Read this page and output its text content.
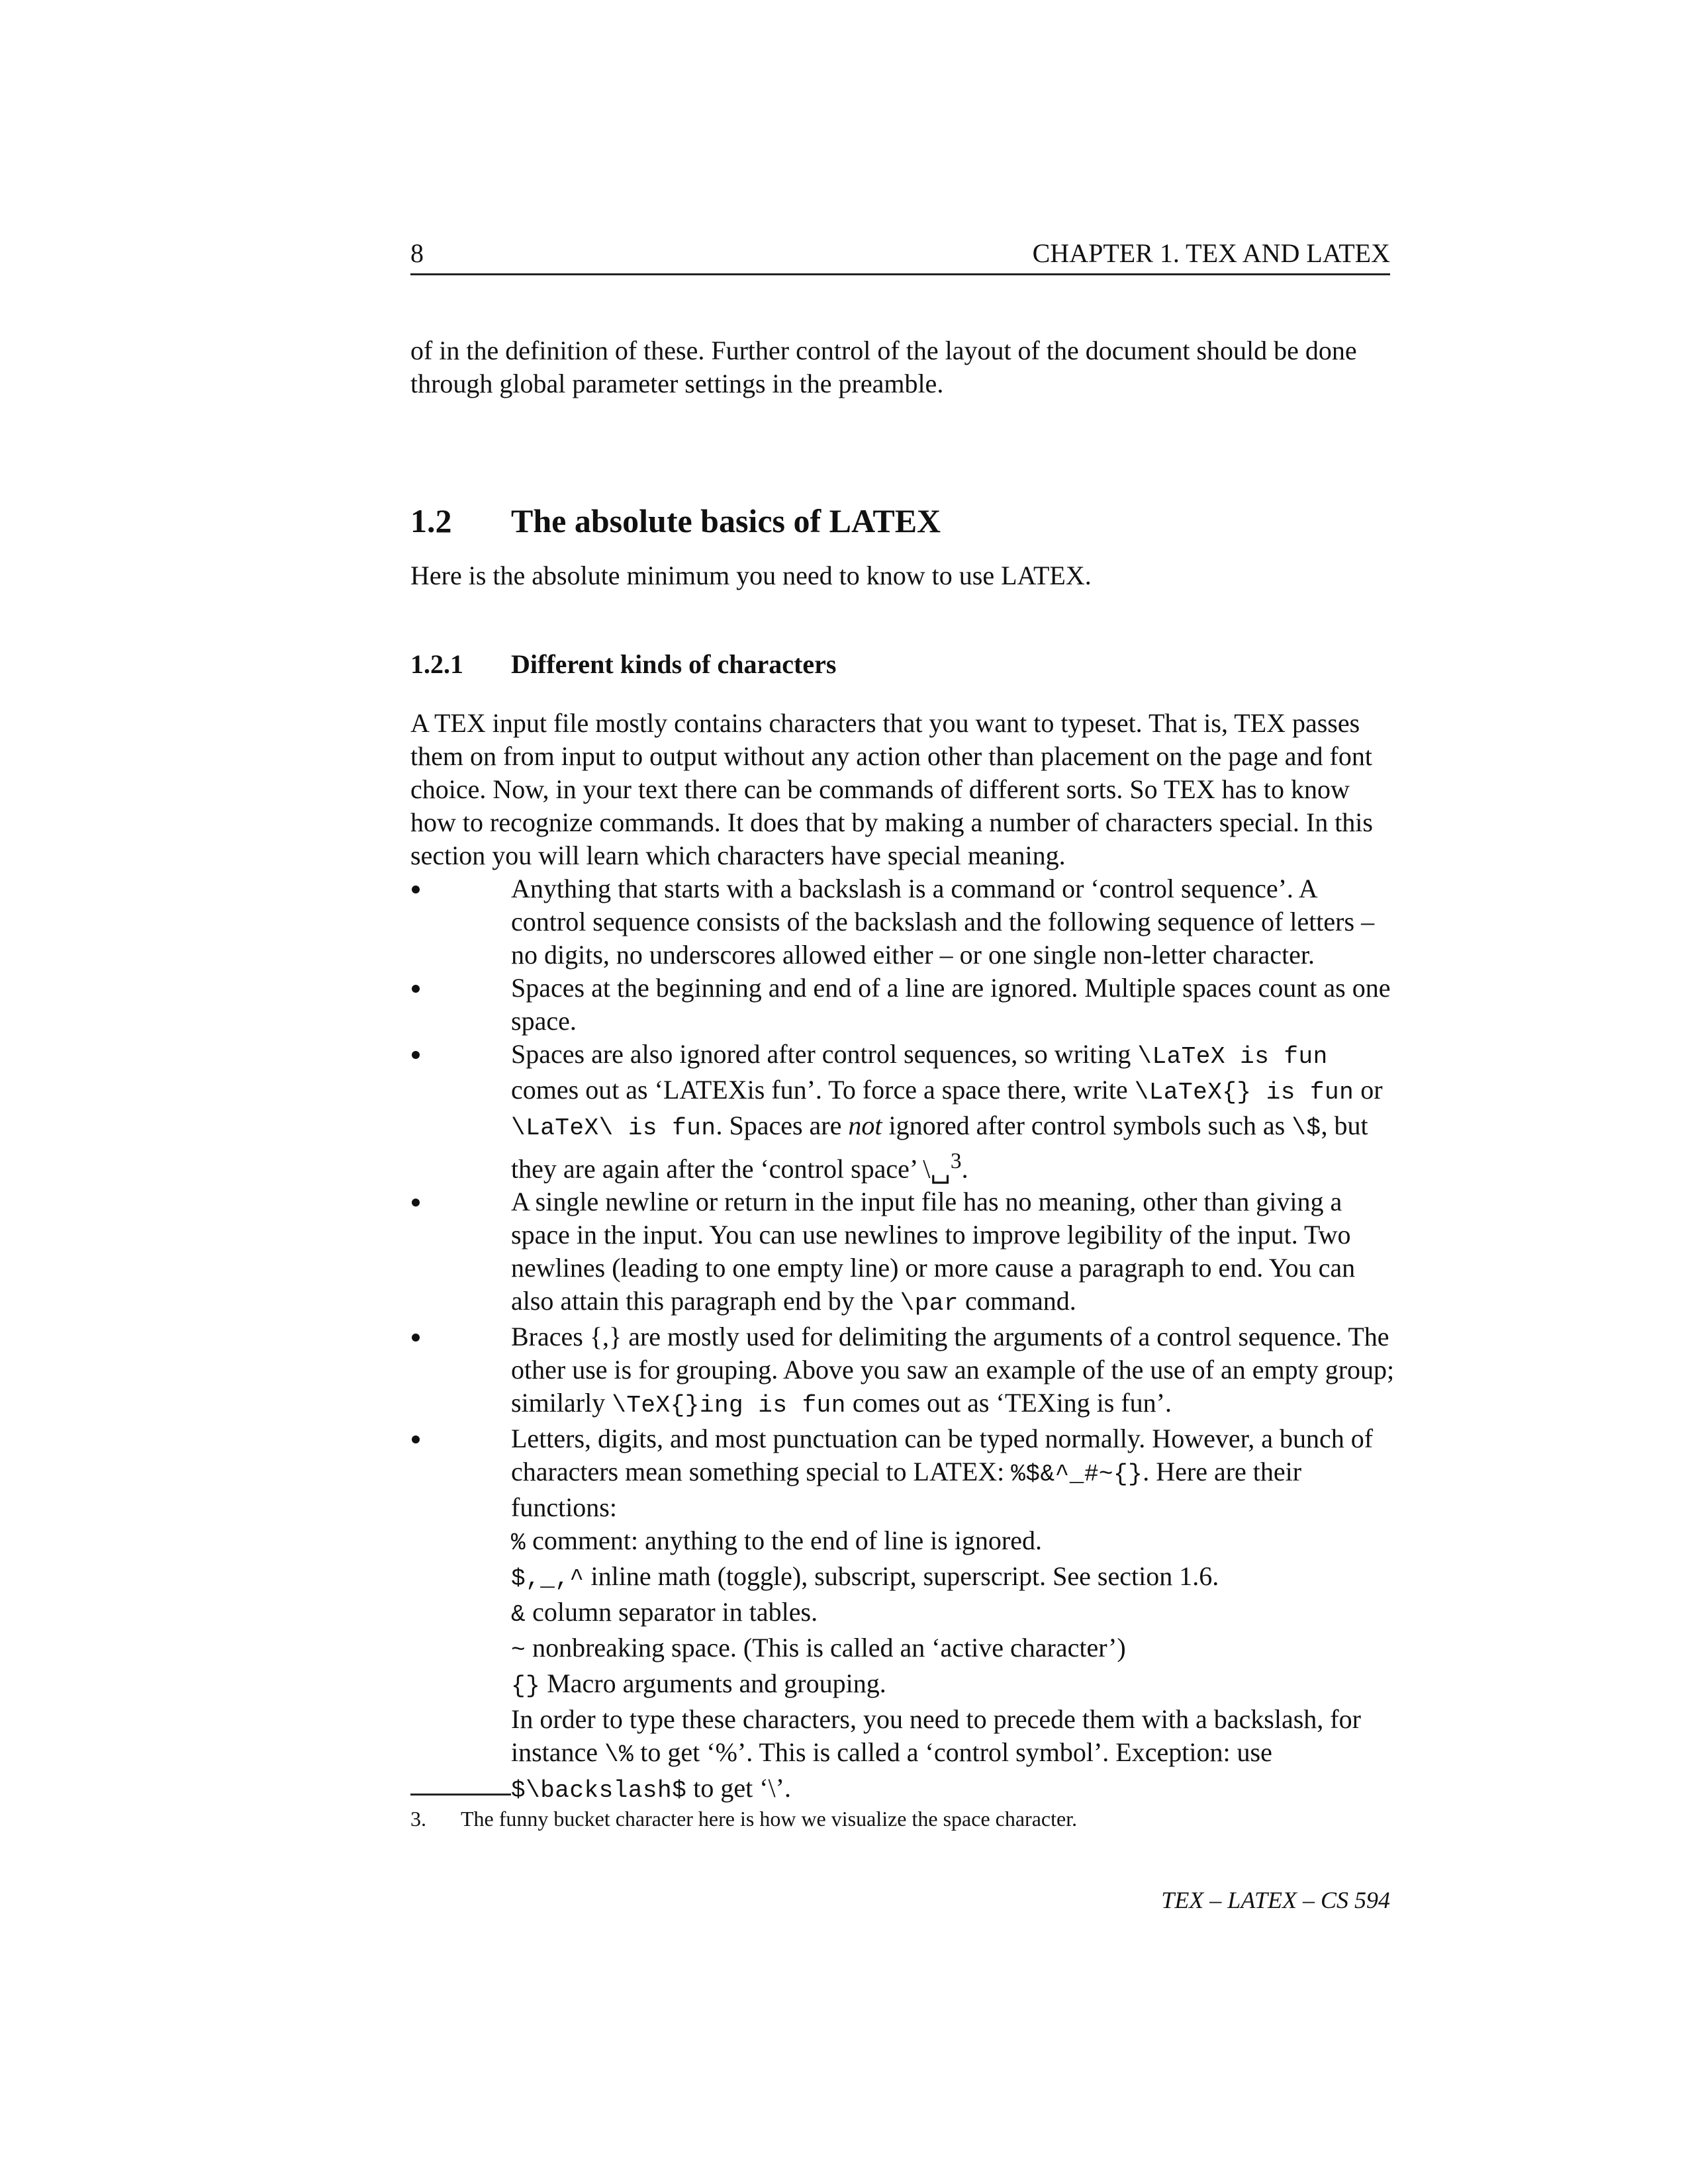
8	CHAPTER 1. TEX AND LATEX

of in the definition of these. Further control of the layout of the document should be done through global parameter settings in the preamble.

1.2 The absolute basics of LATEX

Here is the absolute minimum you need to know to use LATEX.

1.2.1 Different kinds of characters

A TEX input file mostly contains characters that you want to typeset. That is, TEX passes them on from input to output without any action other than placement on the page and font choice. Now, in your text there can be commands of different sorts. So TEX has to know how to recognize commands. It does that by making a number of characters special. In this section you will learn which characters have special meaning.

Anything that starts with a backslash is a command or ‘control sequence’. A control sequence consists of the backslash and the following sequence of letters – no digits, no underscores allowed either – or one single non-letter character.
Spaces at the beginning and end of a line are ignored. Multiple spaces count as one space.
Spaces are also ignored after control sequences, so writing \LaTeX is fun comes out as ‘LATEXis fun’. To force a space there, write \LaTeX{} is fun or \LaTeX\ is fun. Spaces are not ignored after control symbols such as \$, but they are again after the ‘control space’ \␣$^3$.
A single newline or return in the input file has no meaning, other than giving a space in the input. You can use newlines to improve legibility of the input. Two newlines (leading to one empty line) or more cause a paragraph to end. You can also attain this paragraph end by the \par command.
Braces {,} are mostly used for delimiting the arguments of a control sequence. The other use is for grouping. Above you saw an example of the use of an empty group; similarly \TeX{}ing is fun comes out as ‘TEXing is fun’.
Letters, digits, and most punctuation can be typed normally. However, a bunch of characters mean something special to LATEX: %$&^_#~{}. Here are their functions:
% comment: anything to the end of line is ignored.
$,_,^ inline math (toggle), subscript, superscript. See section 1.6.
& column separator in tables.
~ nonbreaking space. (This is called an ‘active character’)
{} Macro arguments and grouping.
In order to type these characters, you need to precede them with a backslash, for instance \% to get ‘%’. This is called a ‘control symbol’. Exception: use $\backslash$ to get ‘\’.
3. The funny bucket character here is how we visualize the space character.
TEX – LATEX – CS 594
